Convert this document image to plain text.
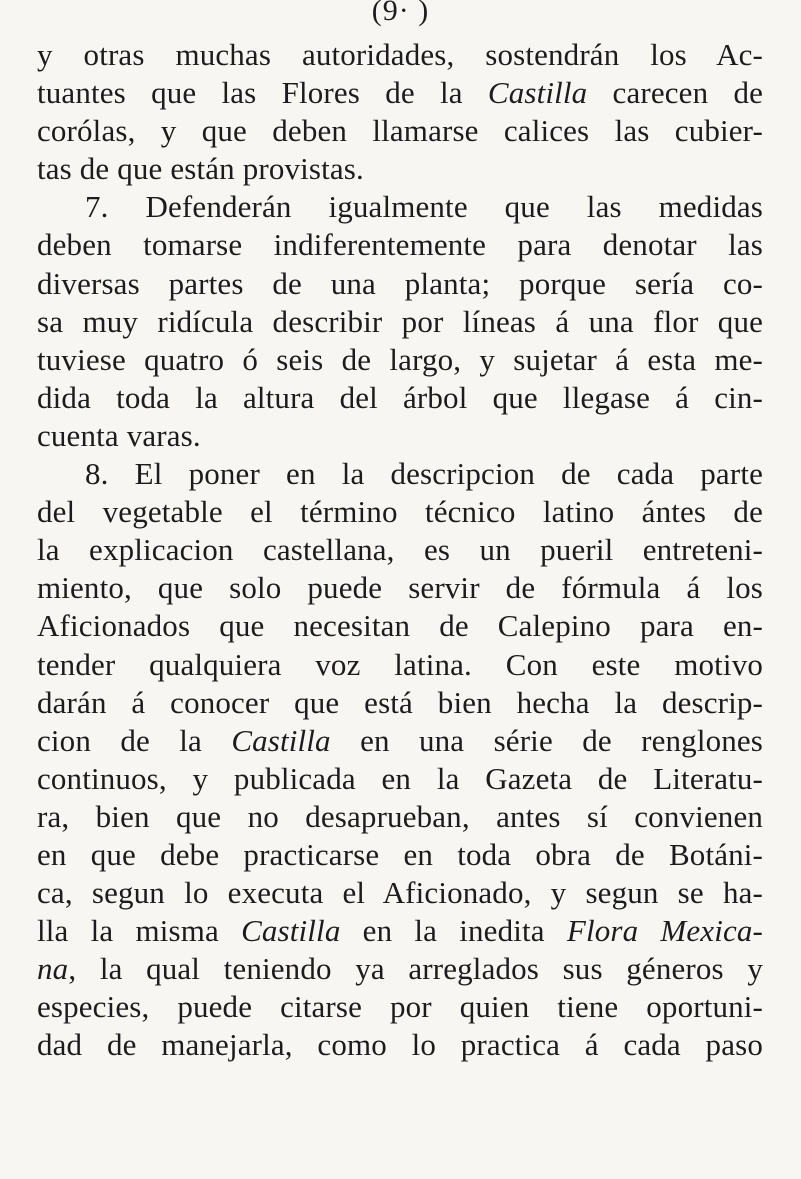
(9· )
y otras muchas autoridades, sostendrán los Ac-
tuantes que las Flores de la Castilla carecen de
corólas, y que deben llamarse calices las cubier-
tas de que están provistas.
7. Defenderán igualmente que las medidas
deben tomarse indiferentemente para denotar las
diversas partes de una planta; porque sería co-
sa muy ridícula describir por líneas á una flor que
tuviese quatro ó seis de largo, y sujetar á esta me-
dida toda la altura del árbol que llegase á cin-
cuenta varas.
8. El poner en la descripcion de cada parte
del vegetable el término técnico latino ántes de
la explicacion castellana, es un pueril entreteni-
miento, que solo puede servir de fórmula á los
Aficionados que necesitan de Calepino para en-
tender qualquiera voz latina. Con este motivo
darán á conocer que está bien hecha la descrip-
cion de la Castilla en una série de renglones
continuos, y publicada en la Gazeta de Literatu-
ra, bien que no desaprueban, antes sí convienen
en que debe practicarse en toda obra de Botáni-
ca, segun lo executa el Aficionado, y segun se ha-
lla la misma Castilla en la inedita Flora Mexica-
na, la qual teniendo ya arreglados sus géneros y
especies, puede citarse por quien tiene oportuni-
dad de manejarla, como lo practica á cada paso
